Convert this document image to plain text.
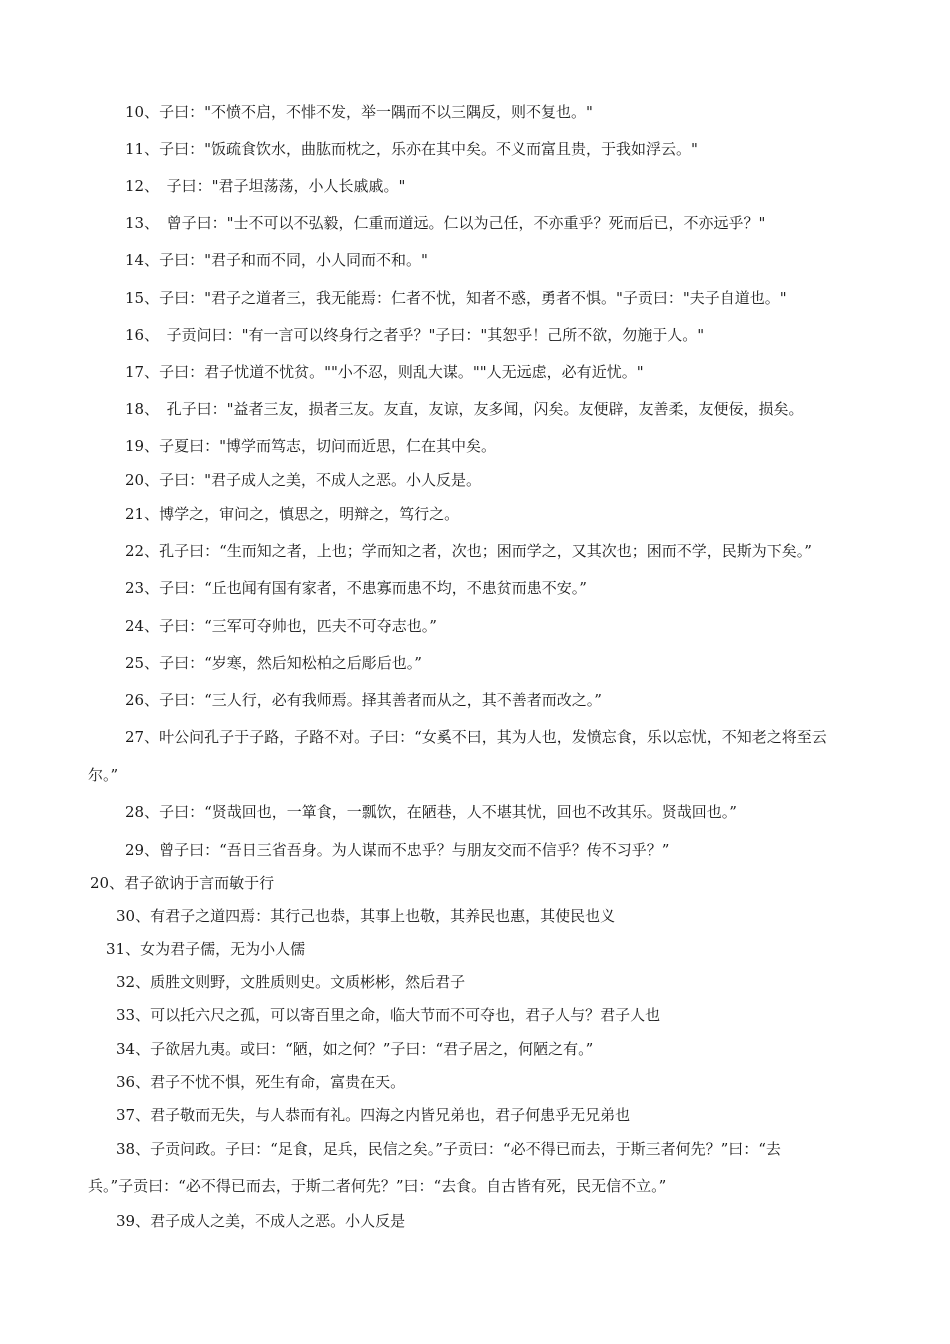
10、子曰："不愤不启，不悱不发，举一隅而不以三隅反，则不复也。"
11、子曰："饭疏食饮水，曲肱而枕之，乐亦在其中矣。不义而富且贵，于我如浮云。"
12、　子曰："君子坦荡荡，小人长戚戚。"
13、　曾子曰："士不可以不弘毅，仁重而道远。仁以为己任，不亦重乎？死而后已，不亦远乎？"
14、子曰："君子和而不同，小人同而不和。"
15、子曰："君子之道者三，我无能焉：仁者不忧，知者不惑，勇者不惧。"子贡曰："夫子自道也。"
16、　子贡问曰："有一言可以终身行之者乎？"子曰："其恕乎！己所不欲，勿施于人。"
17、子曰：君子忧道不忧贫。""小不忍，则乱大谋。""人无远虑，必有近忧。"
18、　孔子曰："益者三友，损者三友。友直，友谅，友多闻，闪矣。友便辟，友善柔，友便佞，损矣。
19、子夏曰："博学而笃志，切问而近思，仁在其中矣。
20、子曰："君子成人之美，不成人之恶。小人反是。
21、博学之，审问之，慎思之，明辩之，笃行之。
22、孔子曰：“生而知之者，上也；学而知之者，次也；困而学之，又其次也；困而不学，民斯为下矣。”
23、子曰：“丘也闻有国有家者，不患寡而患不均，不患贫而患不安。”
24、子曰：“三军可夺帅也，匹夫不可夺志也。”
25、子曰：“岁寒，然后知松柏之后彫后也。”
26、子曰：“三人行，必有我师焉。择其善者而从之，其不善者而改之。”
27、叶公问孔子于子路，子路不对。子曰：“女奚不曰，其为人也，发愤忘食，乐以忘忧，不知老之将至云
尔。”
28、子曰：“贤哉回也，一箪食，一瓢饮，在陋巷，人不堪其忧，回也不改其乐。贤哉回也。”
29、曾子曰：“吾日三省吾身。为人谋而不忠乎？与朋友交而不信乎？传不习乎？”
20、君子欲讷于言而敏于行
30、有君子之道四焉：其行己也恭，其事上也敬，其养民也惠，其使民也义
31、女为君子儒，无为小人儒
32、质胜文则野，文胜质则史。文质彬彬，然后君子
33、可以托六尺之孤，可以寄百里之命，临大节而不可夺也，君子人与？君子人也
34、子欲居九夷。或曰：“陋，如之何？”子曰：“君子居之，何陋之有。”
36、君子不忧不惧，死生有命，富贵在天。
37、君子敬而无失，与人恭而有礼。四海之内皆兄弟也，君子何患乎无兄弟也
38、子贡问政。子曰：“足食，足兵，民信之矣。”子贡曰：“必不得已而去，于斯三者何先？”曰：“去
兵。”子贡曰：“必不得已而去，于斯二者何先？”曰：“去食。自古皆有死，民无信不立。”
39、君子成人之美，不成人之恶。小人反是
